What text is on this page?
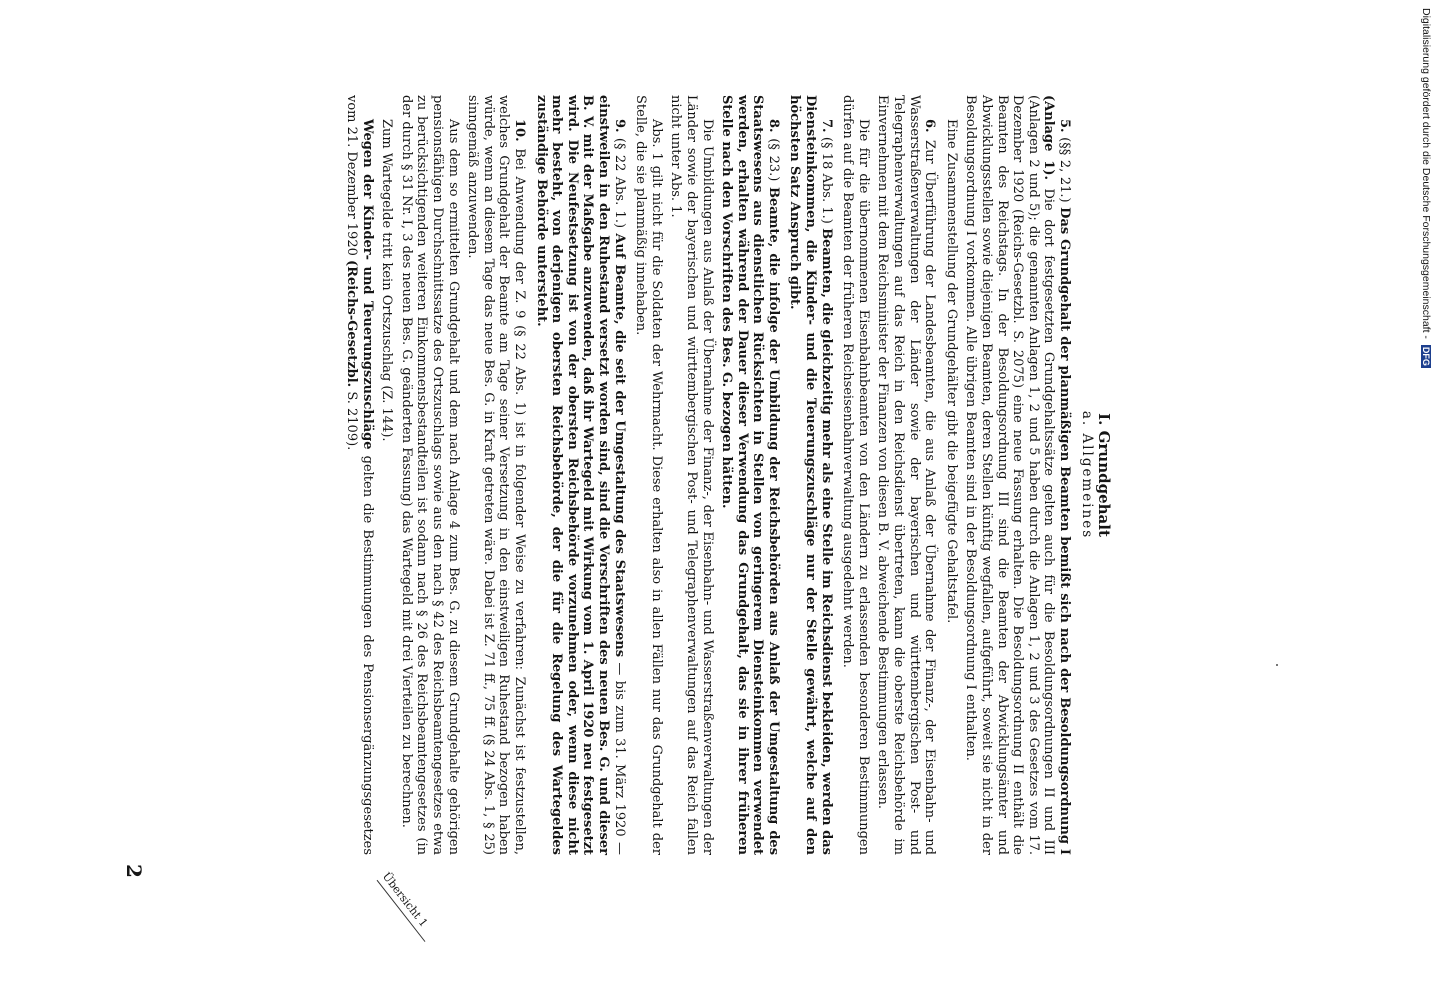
2
I. Grundgehalt
a. Allgemeines

5. (§§ 2, 21.) Das Grundgehalt der planmäßigen Beamten bemißt sich nach der Besoldungsordnung I (Anlage 1). Die dort festgesetzten Grundgehaltssätze gelten auch für die Besoldungsordnungen II und III (Anlagen 2 und 5); die genannten Anlagen 1, 2 und 5 haben durch die Anlagen 1, 2 und 3 des Gesetzes vom 17. Dezember 1920 (Reichs-Gesetzbl. S. 2075) eine neue Fassung erhalten. Die Besoldungsordnung II enthält die Beamten des Reichstags. In der Besoldungsordnung III sind die Beamten der Abwicklungsämter und Abwicklungsstellen sowie diejenigen Beamten, deren Stellen künftig wegfallen, aufgeführt, soweit sie nicht in der Besoldungsordnung I vorkommen. Alle übrigen Beamten sind in der Besoldungsordnung I enthalten.

Eine Zusammenstellung der Grundgehälter gibt die beigefügte Gehaltstafel.

6. Zur Überführung der Landesbeamten, die aus Anlaß der Übernahme der Finanz-, der Eisenbahn- und Wasserstraßenverwaltungen der Länder sowie der bayerischen und württembergischen Post- und Telegraphenverwaltungen auf das Reich in den Reichsdienst übertreten, kann die oberste Reichsbehörde im Einvernehmen mit dem Reichsminister der Finanzen von diesen B. V. abweichende Bestimmungen erlassen.

Die für die übernommenen Eisenbahnbeamten von den Ländern zu erlassenden besonderen Bestimmungen dürfen auf die Beamten der früheren Reichseisenbahnverwaltung ausgedehnt werden.

7. (§ 18 Abs. 1.) Beamten, die gleichzeitig mehr als eine Stelle im Reichsdienst bekleiden, werden das Diensteinkommen, die Kinder- und die Teuerungszuschläge nur der Stelle gewährt, welche auf den höchsten Satz Anspruch gibt.

8. (§ 23.) Beamte, die infolge der Umbildung der Reichsbehörden aus Anlaß der Umgestaltung des Staatswesens aus dienstlichen Rücksichten in Stellen von geringerem Diensteinkommen verwendet werden, erhalten während der Dauer dieser Verwendung das Grundgehalt, das sie in ihrer früheren Stelle nach den Vorschriften des Bes. G. bezogen hätten.

Die Umbildungen aus Anlaß der Übernahme der Finanz-, der Eisenbahn- und Wasserstraßenverwaltungen der Länder sowie der bayerischen und württembergischen Post- und Telegraphenverwaltungen auf das Reich fallen nicht unter Abs. 1.

Abs. 1 gilt nicht für die Soldaten der Wehrmacht. Diese erhalten also in allen Fällen nur das Grundgehalt der Stelle, die sie planmäßig innehaben.

9. (§ 22 Abs. 1.) Auf Beamte, die seit der Umgestaltung des Staatswesens — bis zum 31. März 1920 — einstweilen in den Ruhestand versetzt worden sind, sind die Vorschriften des neuen Bes. G. und dieser B. V. mit der Maßgabe anzuwenden, daß ihr Wartegeld mit Wirkung vom 1. April 1920 neu festgesetzt wird. Die Neufestsetzung ist von der obersten Reichsbehörde vorzunehmen oder, wenn diese nicht mehr besteht, von derjenigen obersten Reichsbehörde, der die für die Regelung des Wartegeldes zuständige Behörde untersteht.

10. Bei Anwendung der Z. 9 (§ 22 Abs. 1) ist in folgender Weise zu verfahren: Zunächst ist festzustellen, welches Grundgehalt der Beamte am Tage seiner Versetzung in den einstweiligen Ruhestand bezogen haben würde, wenn an diesem Tage das neue Bes. G. in Kraft getreten wäre. Dabei ist Z. 71 ff., 75 ff. (§ 24 Abs. 1, § 25) sinngemäß anzuwenden.

Aus dem so ermittelten Grundgehalt und dem nach Anlage 4 zum Bes. G. zu diesem Grundgehalte gehörigen pensionsfähigen Durchschnittssatze des Ortszuschlags sowie aus den nach § 42 des Reichsbeamtengesetzes etwa zu berücksichtigenden weiteren Einkommensbestandteilen ist sodann nach § 26 des Reichsbeamtengesetzes (in der durch § 31 Nr. I, 3 des neuen Bes. G. geänderten Fassung) das Wartegeld mit drei Vierteilen zu berechnen.

Zum Wartegelde tritt kein Ortszuschlag (Z. 144).

Wegen der Kinder- und Teuerungszuschläge gelten die Bestimmungen des Pensionsergänzungsgesetzes vom 21. Dezember 1920 (Reichs-Gesetzbl. S. 2109).

Übersicht 1
Digitalisierung gefördert durch die Deutsche Forschungsgemeinschaft - DFG
